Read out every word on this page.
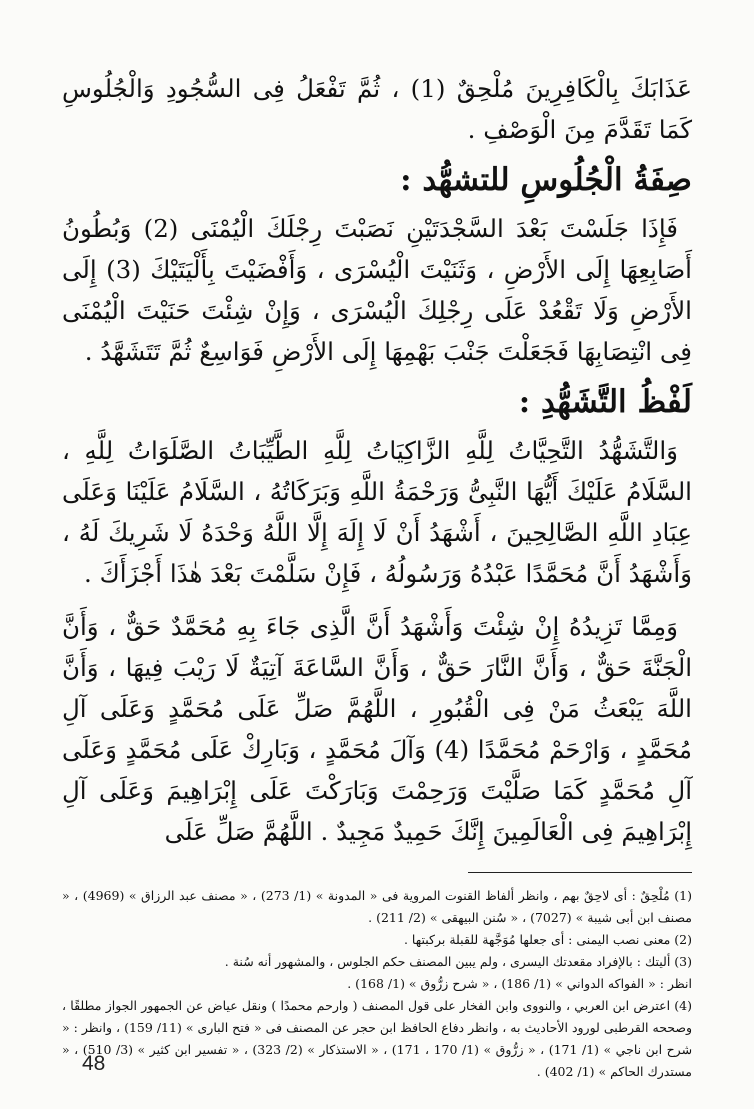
عَذَابَكَ بِالْكَافِرِينَ مُلْحِقٌ (1) ، ثُمَّ تَفْعَلُ فِى السُّجُودِ وَالْجُلُوسِ كَمَا تَقَدَّمَ مِنَ الْوَصْفِ .

صِفَةُ الْجُلُوسِ للتشهُّد :

فَإِذَا جَلَسْتَ بَعْدَ السَّجْدَتَيْنِ نَصَبْتَ رِجْلَكَ الْيُمْنَى (2) وَبُطُونُ أَصَابِعِهَا إِلَى الأَرْضِ ، وَثَنَيْتَ الْيُسْرَى ، وَأَفْضَيْتَ بِأَلْيَتَيْكَ (3) إِلَى الأَرْضِ وَلَا تَقْعُدْ عَلَى رِجْلِكَ الْيُسْرَى ، وَإِنْ شِئْتَ حَنَيْتَ الْيُمْنَى فِى انْتِصَابِهَا فَجَعَلْتَ جَنْبَ بَهْمِهَا إِلَى الأَرْضِ فَوَاسِعٌ ثُمَّ تَتَشَهَّدُ .

لَفْظُ التَّشَهُّدِ :

وَالتَّشَهُّدُ التَّحِيَّاتُ لِلَّهِ الزَّاكِيَاتُ لِلَّهِ الطَّيِّبَاتُ الصَّلَوَاتُ لِلَّهِ ، السَّلَامُ عَلَيْكَ أَيُّهَا النَّبِىُّ وَرَحْمَةُ اللَّهِ وَبَرَكَاتُهُ ، السَّلَامُ عَلَيْنَا وَعَلَى عِبَادِ اللَّهِ الصَّالِحِينَ ، أَشْهَدُ أَنْ لَا إِلَهَ إِلَّا اللَّهُ وَحْدَهُ لَا شَرِيكَ لَهُ ، وَأَشْهَدُ أَنَّ مُحَمَّدًا عَبْدُهُ وَرَسُولُهُ ، فَإِنْ سَلَّمْتَ بَعْدَ هٰذَا أَجْزَأَكَ .

وَمِمَّا تَزِيدُهُ إِنْ شِئْتَ وَأَشْهَدُ أَنَّ الَّذِى جَاءَ بِهِ مُحَمَّدٌ حَقٌّ ، وَأَنَّ الْجَنَّةَ حَقٌّ ، وَأَنَّ النَّارَ حَقٌّ ، وَأَنَّ السَّاعَةَ آتِيَةٌ لَا رَيْبَ فِيهَا ، وَأَنَّ اللَّهَ يَبْعَثُ مَنْ فِى الْقُبُورِ ، اللَّهُمَّ صَلِّ عَلَى مُحَمَّدٍ وَعَلَى آلِ مُحَمَّدٍ ، وَارْحَمْ مُحَمَّدًا (4) وَآلَ مُحَمَّدٍ ، وَبَارِكْ عَلَى مُحَمَّدٍ وَعَلَى آلِ مُحَمَّدٍ كَمَا صَلَّيْتَ وَرَحِمْتَ وَبَارَكْتَ عَلَى إِبْرَاهِيمَ وَعَلَى آلِ إِبْرَاهِيمَ فِى الْعَالَمِينَ إِنَّكَ حَمِيدٌ مَجِيدٌ . اللَّهُمَّ صَلِّ عَلَى

(1) مُلْحِقٌ : أى لاحِقٌ بهم ، وانظر ألفاظ القنوت المروية فى « المدونة » (1/ 273) ، « مصنف عبد الرزاق » (4969) ، « مصنف ابن أبى شيبة » (7027) ، « سُنن البيهقى » (2/ 211) .

(2) معنى نصب اليمنى : أى جعلها مُوَجَّهة للقبلة بركبتها .

(3) أليتك : بالإفراد مقعدتك اليسرى ، ولم يبين المصنف حكم الجلوس ، والمشهور أنه سُنة .

انظر : « الفواكه الدواني » (1/ 186) ، « شرح زرُّوق » (1/ 168) .

(4) اعترض ابن العربي ، والنووى وابن الفخار على قول المصنف ( وارحم محمدًا ) ونقل عياض عن الجمهور الجواز مطلقًا ، وصححه القرطبى لورود الأحاديث به ، وانظر دفاع الحافظ ابن حجر عن المصنف فى « فتح البارى » (11/ 159) ، وانظر : « شرح ابن ناجي » (1/ 171) ، « زرُّوق » (1/ 170 ، 171) ، « الاستذكار » (2/ 323) ، « تفسير ابن كثير » (3/ 510) ، « مستدرك الحاكم » (1/ 402) .

48
